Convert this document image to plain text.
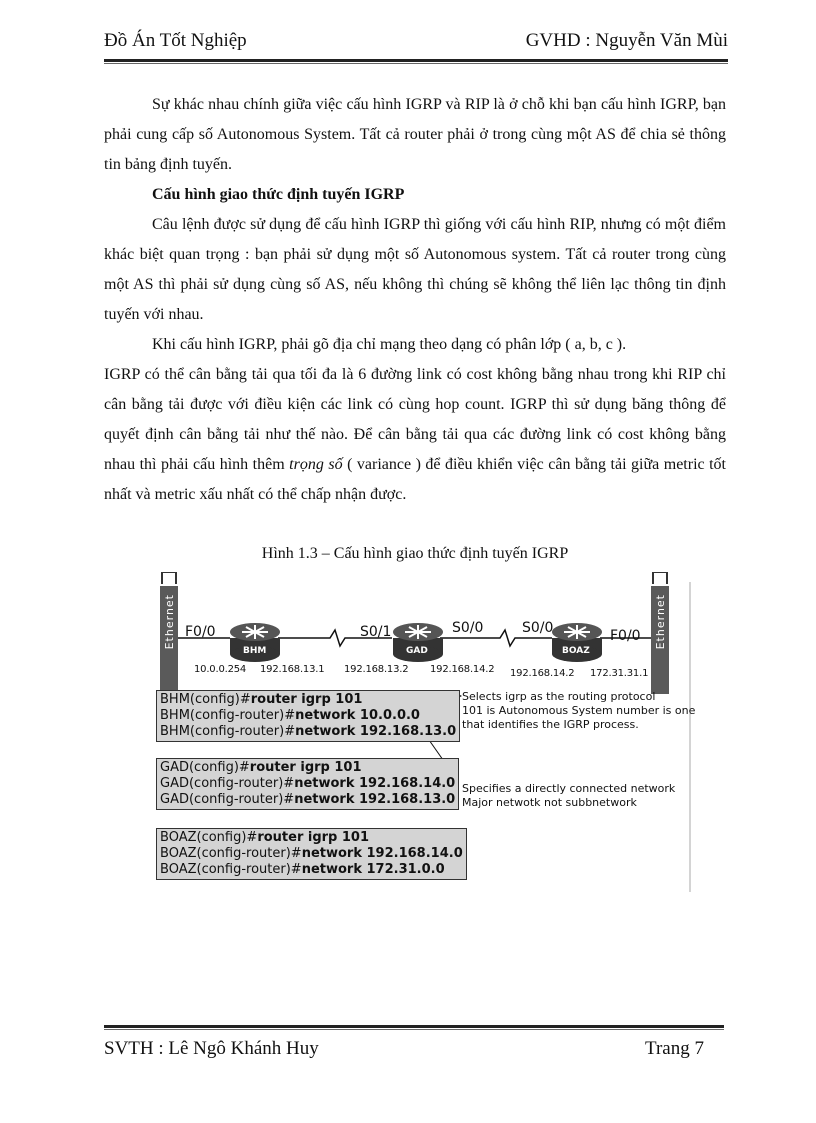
Đồ Án Tốt Nghiệp	GVHD : Nguyễn Văn Mùi

Sự khác nhau chính giữa việc cấu hình IGRP và RIP là ở chỗ khi bạn cấu hình IGRP, bạn phải cung cấp số Autonomous System. Tất cả router phải ở trong cùng một AS để chia sẻ thông tin bảng định tuyến.

Cấu hình giao thức định tuyến IGRP

Câu lệnh được sử dụng để cấu hình IGRP thì giống với cấu hình RIP, nhưng có một điểm khác biệt quan trọng : bạn phải sử dụng một số Autonomous system. Tất cả router trong cùng một AS thì phải sử dụng cùng số AS, nếu không thì chúng sẽ không thể liên lạc thông tin định tuyến với nhau.

Khi cấu hình IGRP, phải gõ địa chỉ mạng theo dạng có phân lớp ( a, b, c ).

IGRP có thể cân bằng tải qua tối đa là 6 đường link có cost không bằng nhau trong khi RIP chỉ cân bằng tải được với điều kiện các link có cùng hop count. IGRP thì sử dụng băng thông để quyết định cân bằng tải như thế nào. Để cân bằng tải qua các đường link có cost không bằng nhau thì phải cấu hình thêm trọng số ( variance ) để điều khiển việc cân bằng tải giữa metric tốt nhất và metric xấu nhất có thể chấp nhận được.

Hình 1.3 – Cấu hình giao thức định tuyến IGRP
Ethernet	Ethernet
BHM	GAD	BOAZ
F0/0	S0/1	S0/0	S0/0	F0/0
10.0.0.254 192.168.13.1 192.168.13.2 192.168.14.2 192.168.14.2 172.31.31.1
BHM(config)#router igrp 101
BHM(config-router)#network 10.0.0.0
BHM(config-router)#network 192.168.13.0
GAD(config)#router igrp 101
GAD(config-router)#network 192.168.14.0
GAD(config-router)#network 192.168.13.0
BOAZ(config)#router igrp 101
BOAZ(config-router)#network 192.168.14.0
BOAZ(config-router)#network 172.31.0.0
Selects igrp as the routing protocol
101 is Autonomous System number is one
that identifies the IGRP process.
Specifies a directly connected network
Major netwotk not subbnetwork
SVTH : Lê Ngô Khánh Huy	Trang 7
